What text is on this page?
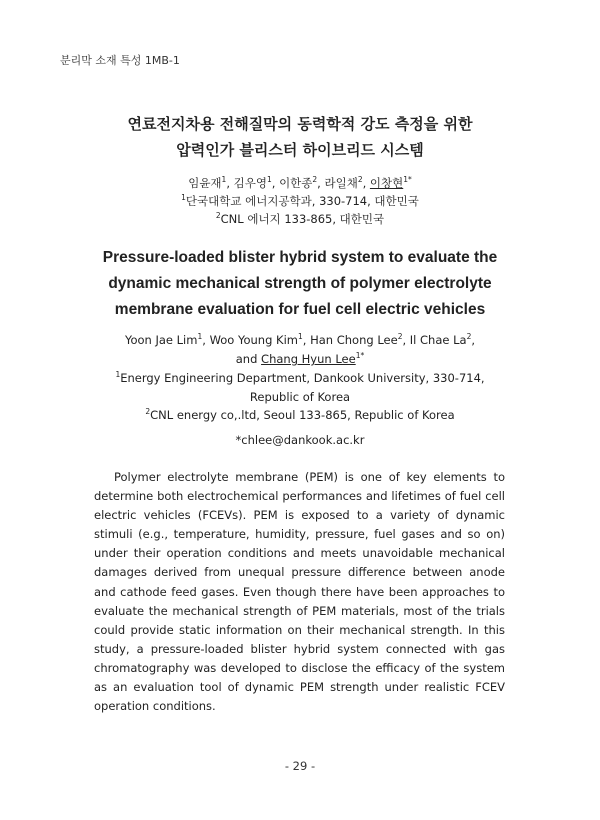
분리막 소재 특성 1MB-1
연료전지차용 전해질막의 동력학적 강도 측정을 위한
압력인가 블리스터 하이브리드 시스템
임윤재$^1$, 김우영$^1$, 이한종$^2$, 라일채$^2$, 이창현$^{1*}$
$^1$단국대학교 에너지공학과, 330-714, 대한민국
$^2$CNL 에너지 133-865, 대한민국
Pressure-loaded blister hybrid system to evaluate the
dynamic mechanical strength of polymer electrolyte
membrane evaluation for fuel cell electric vehicles
Yoon Jae Lim$^1$, Woo Young Kim$^1$, Han Chong Lee$^2$, Il Chae La$^2$,
and Chang Hyun Lee$^{1*}$
$^1$Energy Engineering Department, Dankook University, 330-714,
Republic of Korea
$^2$CNL energy co,.ltd, Seoul 133-865, Republic of Korea
*chlee@dankook.ac.kr

Polymer electrolyte membrane (PEM) is one of key elements to determine both electrochemical performances and lifetimes of fuel cell electric vehicles (FCEVs). PEM is exposed to a variety of dynamic stimuli (e.g., temperature, humidity, pressure, fuel gases and so on) under their operation conditions and meets unavoidable mechanical damages derived from unequal pressure difference between anode and cathode feed gases. Even though there have been approaches to evaluate the mechanical strength of PEM materials, most of the trials could provide static information on their mechanical strength. In this study, a pressure-loaded blister hybrid system connected with gas chromatography was developed to disclose the efficacy of the system as an evaluation tool of dynamic PEM strength under realistic FCEV operation conditions.

- 29 -
